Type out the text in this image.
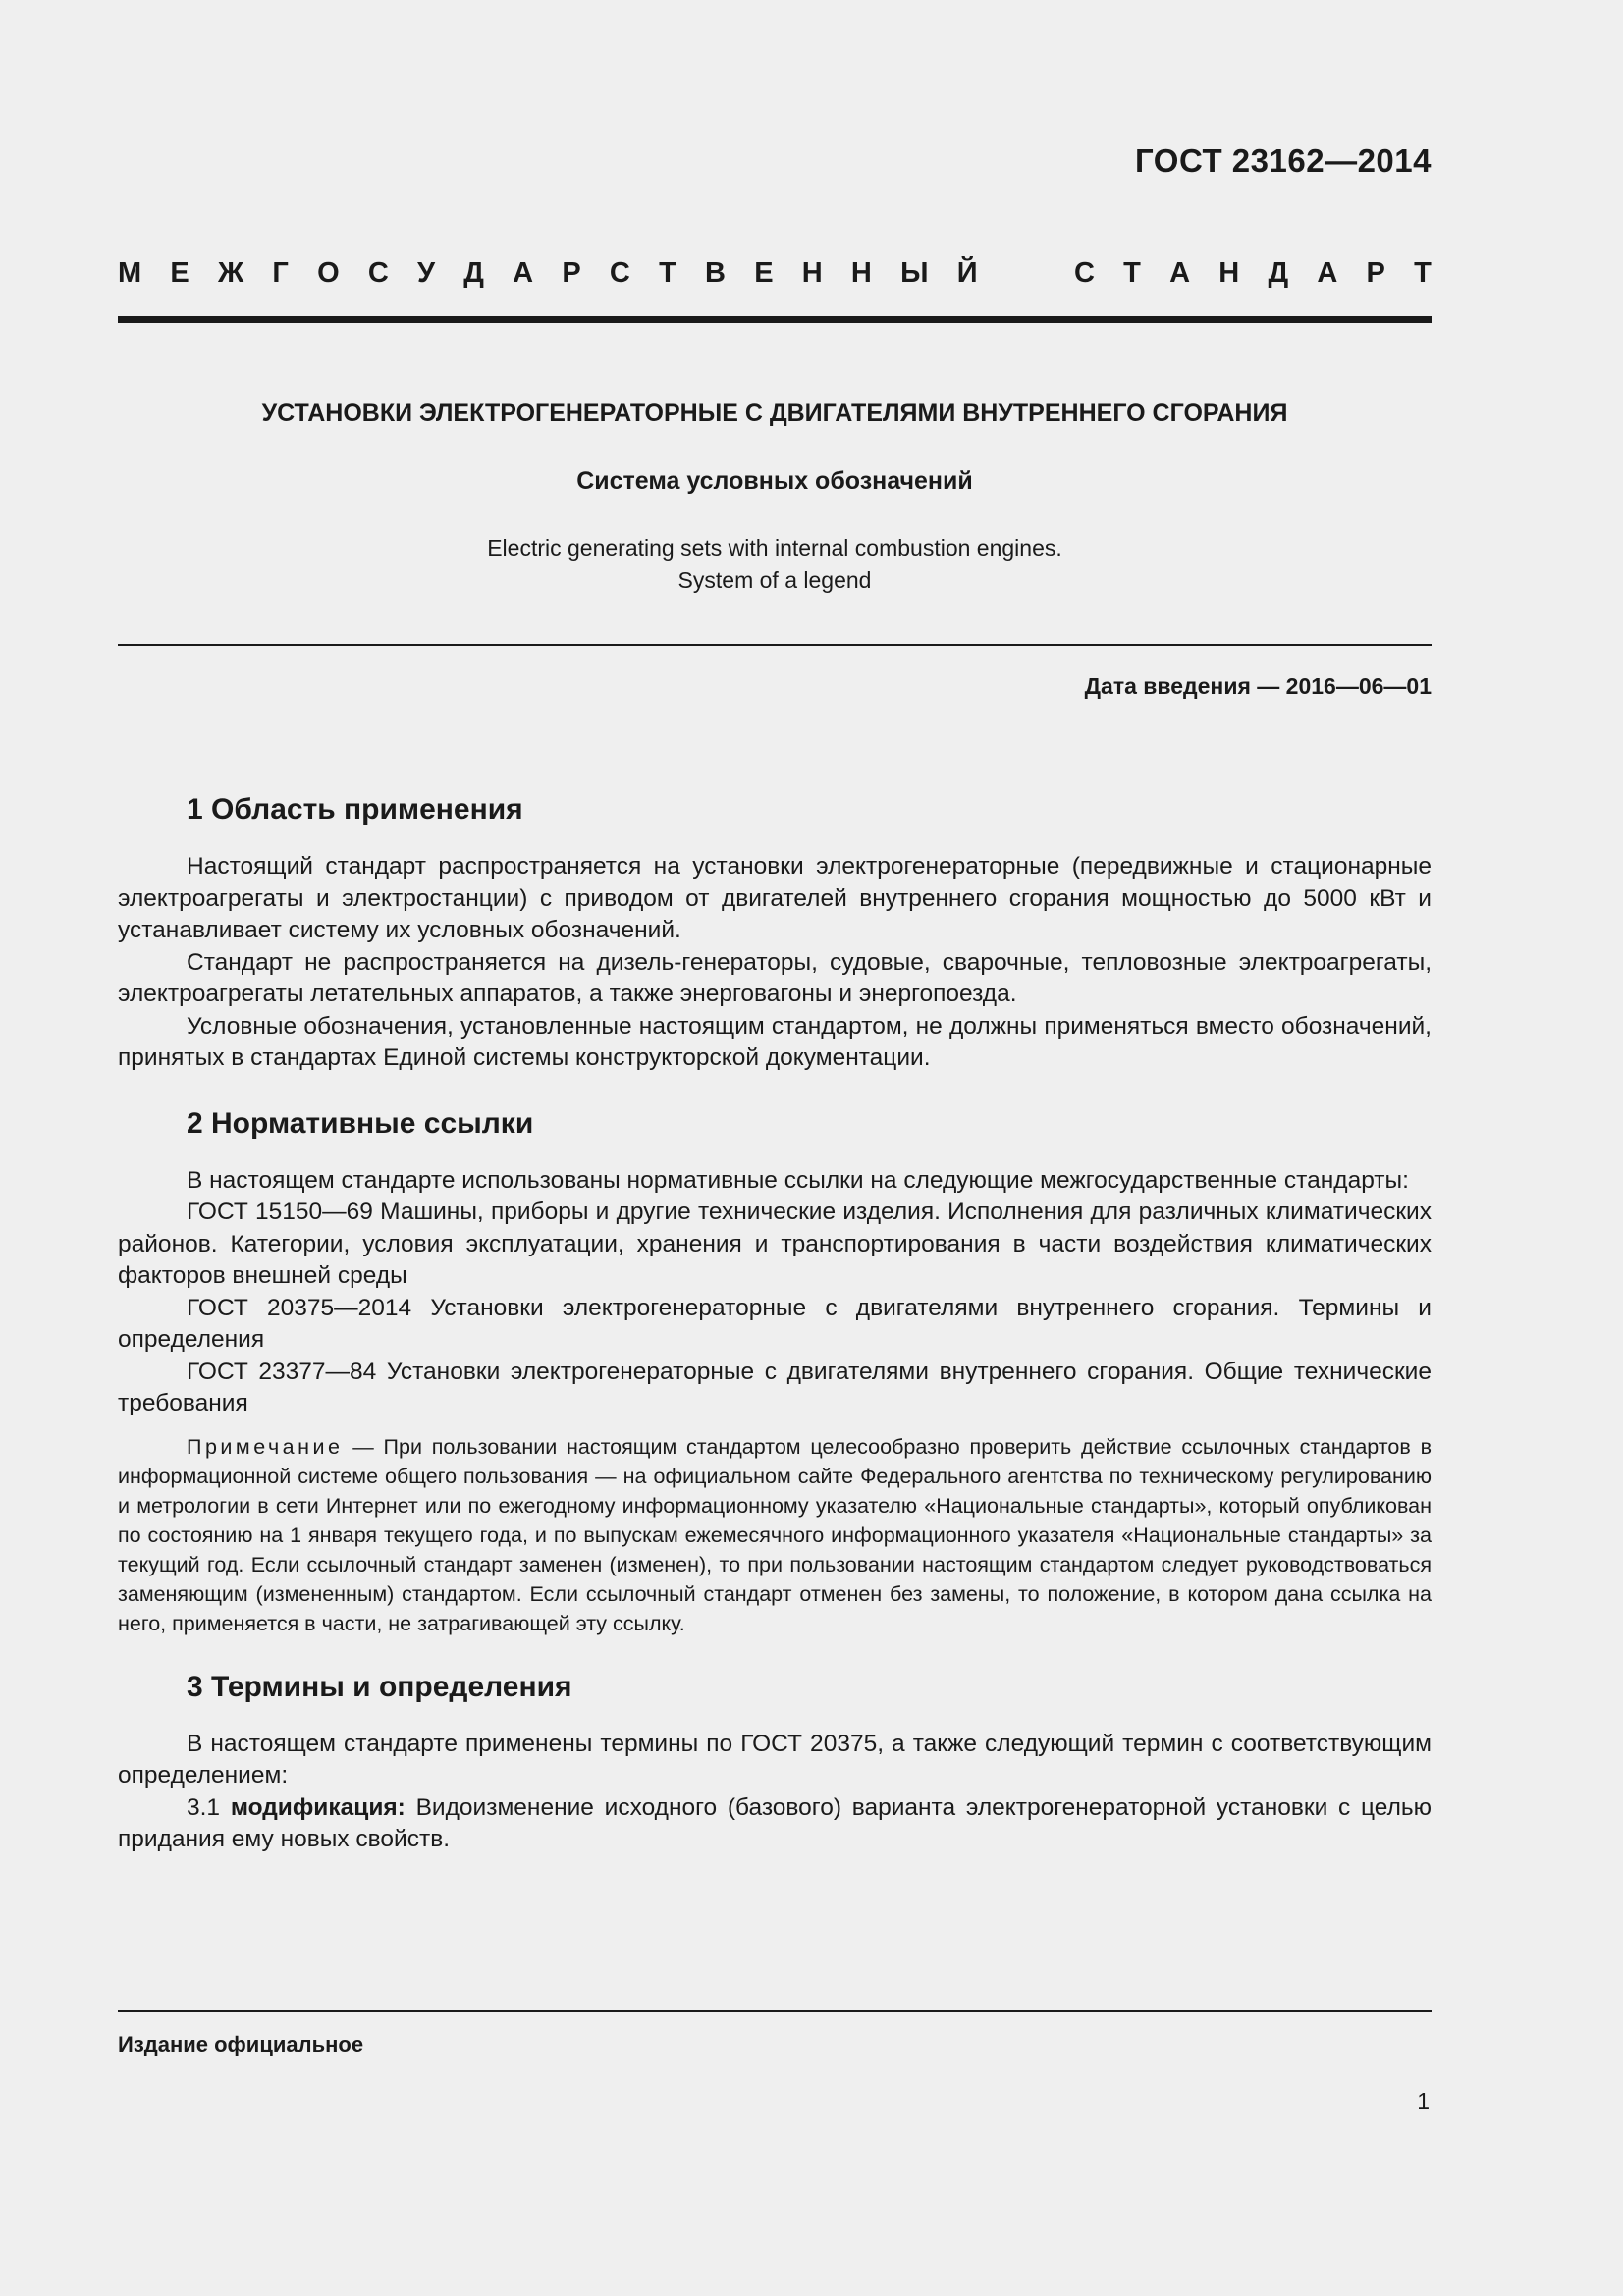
ГОСТ 23162—2014
М Е Ж Г О С У Д А Р С Т В Е Н Н Ы Й	С Т А Н Д А Р Т
УСТАНОВКИ ЭЛЕКТРОГЕНЕРАТОРНЫЕ С ДВИГАТЕЛЯМИ ВНУТРЕННЕГО СГОРАНИЯ
Система условных обозначений
Electric generating sets with internal combustion engines.
System of a legend
Дата введения — 2016—06—01
1 Область применения

Настоящий стандарт распространяется на установки электрогенераторные (передвижные и стационарные электроагрегаты и электростанции) с приводом от двигателей внутреннего сгорания мощностью до 5000 кВт и устанавливает систему их условных обозначений.

Стандарт не распространяется на дизель-генераторы, судовые, сварочные, тепловозные электроагрегаты, электроагрегаты летательных аппаратов, а также энерговагоны и энергопоезда.

Условные обозначения, установленные настоящим стандартом, не должны применяться вместо обозначений, принятых в стандартах Единой системы конструкторской документации.

2 Нормативные ссылки

В настоящем стандарте использованы нормативные ссылки на следующие межгосударственные стандарты:

ГОСТ 15150—69 Машины, приборы и другие технические изделия. Исполнения для различных климатических районов. Категории, условия эксплуатации, хранения и транспортирования в части воздействия климатических факторов внешней среды

ГОСТ 20375—2014 Установки электрогенераторные с двигателями внутреннего сгорания. Термины и определения

ГОСТ 23377—84 Установки электрогенераторные с двигателями внутреннего сгорания. Общие технические требования

Примечание — При пользовании настоящим стандартом целесообразно проверить действие ссылочных стандартов в информационной системе общего пользования — на официальном сайте Федерального агентства по техническому регулированию и метрологии в сети Интернет или по ежегодному информационному указателю «Национальные стандарты», который опубликован по состоянию на 1 января текущего года, и по выпускам ежемесячного информационного указателя «Национальные стандарты» за текущий год. Если ссылочный стандарт заменен (изменен), то при пользовании настоящим стандартом следует руководствоваться заменяющим (измененным) стандартом. Если ссылочный стандарт отменен без замены, то положение, в котором дана ссылка на него, применяется в части, не затрагивающей эту ссылку.

3 Термины и определения

В настоящем стандарте применены термины по ГОСТ 20375, а также следующий термин с соответствующим определением:

3.1 модификация: Видоизменение исходного (базового) варианта электрогенераторной установки с целью придания ему новых свойств.

Издание официальное
1
